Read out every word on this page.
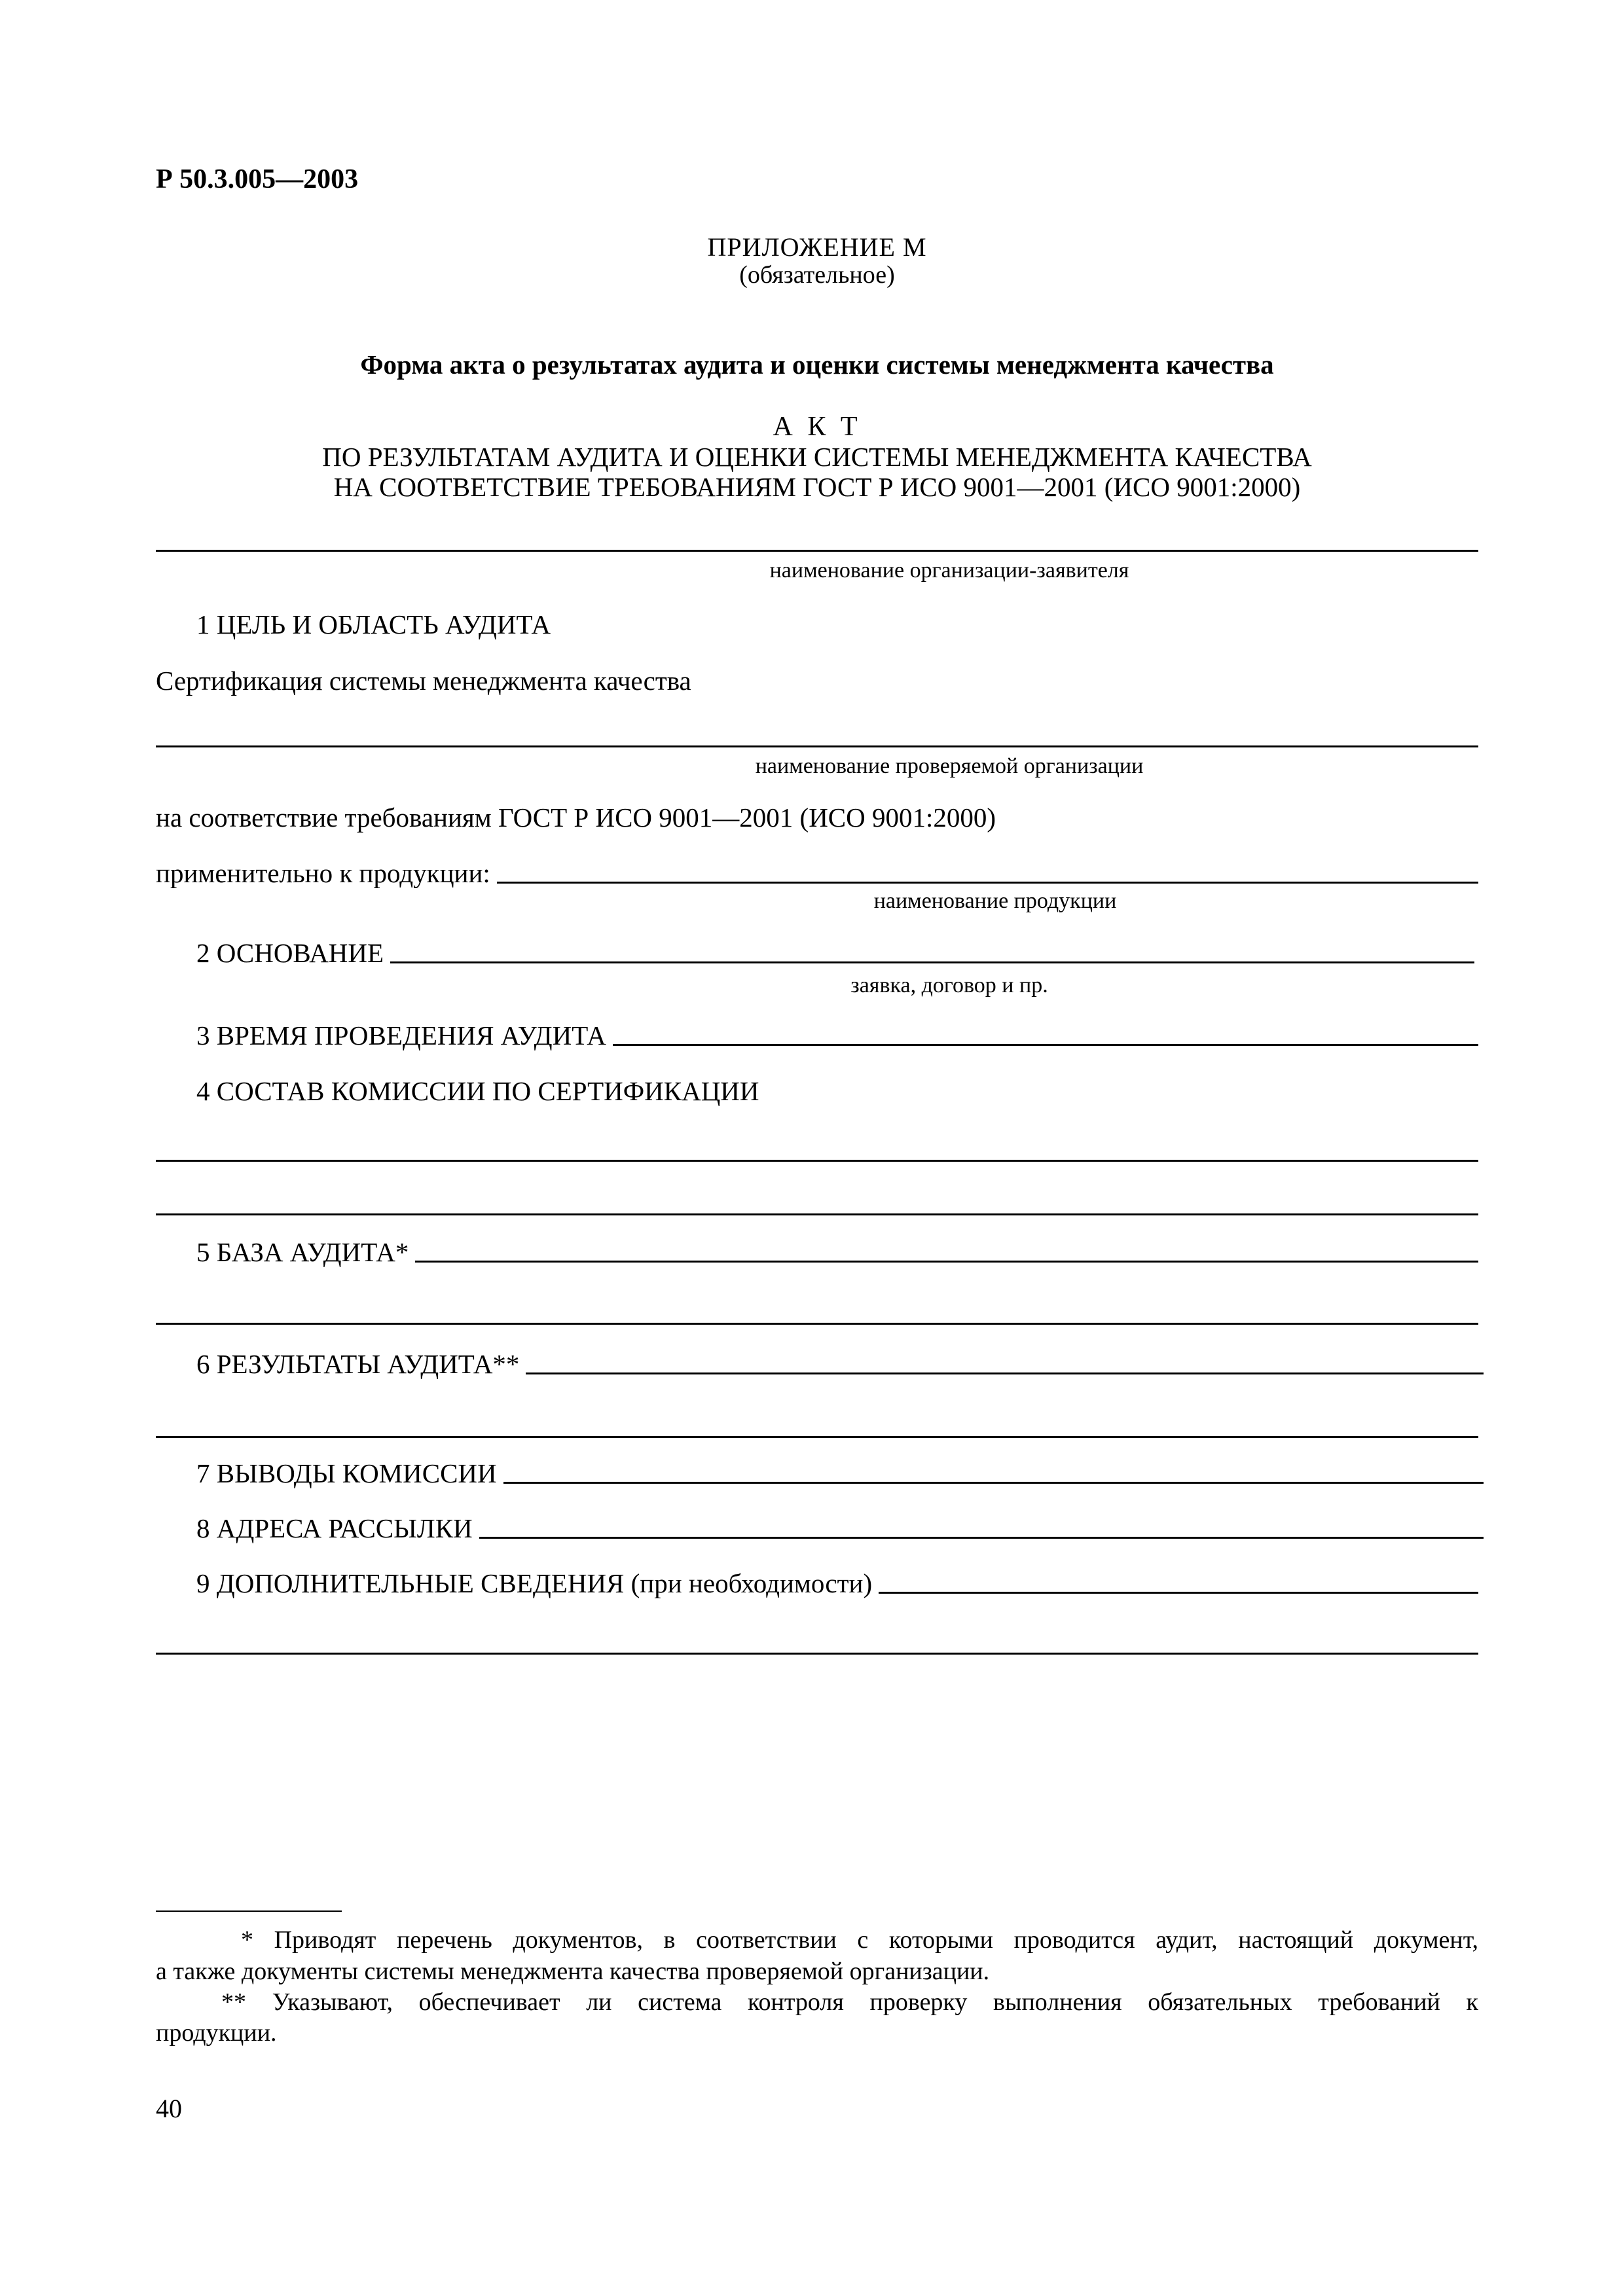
Р 50.3.005—2003
ПРИЛОЖЕНИЕ М
(обязательное)
Форма акта о результатах аудита и оценки системы менеджмента качества
А К Т
ПО РЕЗУЛЬТАТАМ АУДИТА И ОЦЕНКИ СИСТЕМЫ МЕНЕДЖМЕНТА КАЧЕСТВА
НА СООТВЕТСТВИЕ ТРЕБОВАНИЯМ ГОСТ Р ИСО 9001—2001 (ИСО 9001:2000)
наименование организации-заявителя
1 ЦЕЛЬ И ОБЛАСТЬ АУДИТА
Сертификация системы менеджмента качества
наименование проверяемой организации
на соответствие требованиям ГОСТ Р ИСО 9001—2001 (ИСО 9001:2000)
применительно к продукции:
наименование продукции
2 ОСНОВАНИЕ
заявка, договор и пр.
3 ВРЕМЯ ПРОВЕДЕНИЯ АУДИТА
4 СОСТАВ КОМИССИИ ПО СЕРТИФИКАЦИИ
5 БАЗА АУДИТА*
6 РЕЗУЛЬТАТЫ АУДИТА**
7 ВЫВОДЫ КОМИССИИ
8 АДРЕСА РАССЫЛКИ
9 ДОПОЛНИТЕЛЬНЫЕ СВЕДЕНИЯ (при необходимости)
* Приводят перечень документов, в соответствии с которыми проводится аудит, настоящий документ,
а также документы системы менеджмента качества проверяемой организации.
** Указывают, обеспечивает ли система контроля проверку выполнения обязательных требований к
продукции.
40
